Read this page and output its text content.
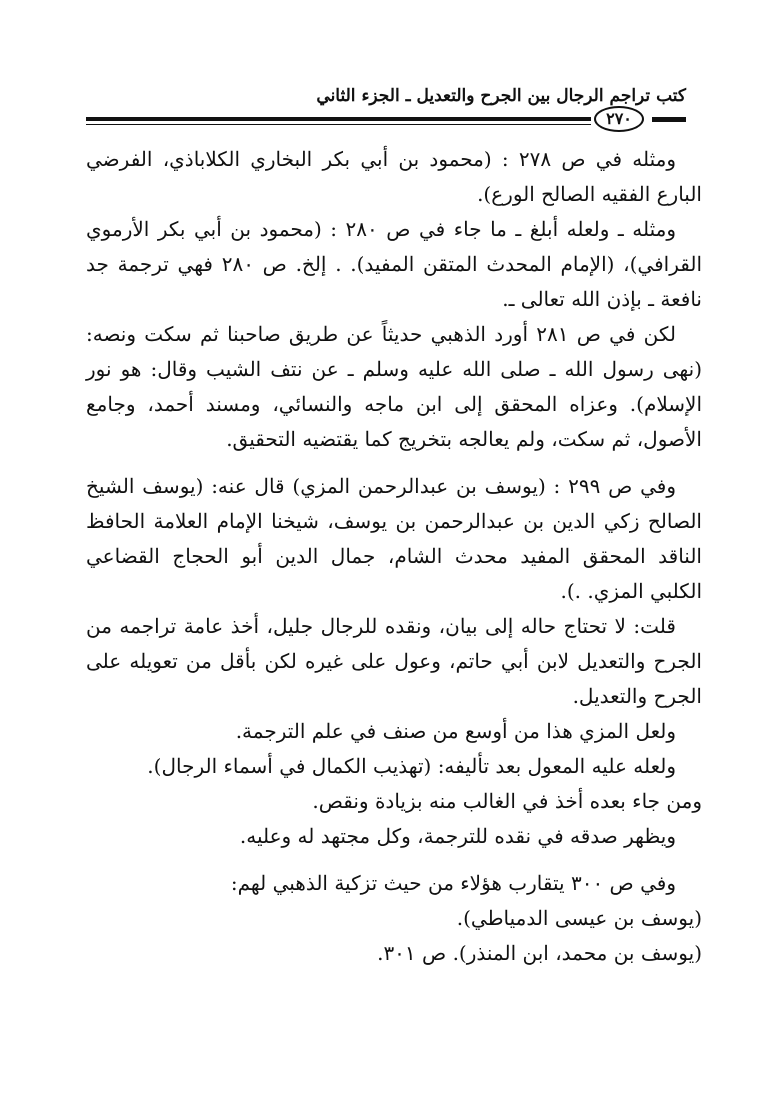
كتب تراجم الرجال بين الجرح والتعديل ـ الجزء الثاني
٢٧٠

ومثله في ص ٢٧٨ : (محمود بن أبي بكر البخاري الكلاباذي، الفرضي البارع الفقيه الصالح الورع).

ومثله ـ ولعله أبلغ ـ ما جاء في ص ٢٨٠ : (محمود بن أبي بكر الأرموي القرافي)، (الإمام المحدث المتقن المفيد). . إلخ. ص ٢٨٠ فهي ترجمة جد نافعة ـ بإذن الله تعالى ـ.

لكن في ص ٢٨١ أورد الذهبي حديثاً عن طريق صاحبنا ثم سكت ونصه: (نهى رسول الله ـ صلى الله عليه وسلم ـ عن نتف الشيب وقال: هو نور الإسلام). وعزاه المحقق إلى ابن ماجه والنسائي، ومسند أحمد، وجامع الأصول، ثم سكت، ولم يعالجه بتخريج كما يقتضيه التحقيق.

وفي ص ٢٩٩ : (يوسف بن عبدالرحمن المزي) قال عنه: (يوسف الشيخ الصالح زكي الدين بن عبدالرحمن بن يوسف، شيخنا الإمام العلامة الحافظ الناقد المحقق المفيد محدث الشام، جمال الدين أبو الحجاج القضاعي الكلبي المزي. .).

قلت: لا تحتاج حاله إلى بيان، ونقده للرجال جليل، أخذ عامة تراجمه من الجرح والتعديل لابن أبي حاتم، وعول على غيره لكن بأقل من تعويله على الجرح والتعديل.

ولعل المزي هذا من أوسع من صنف في علم الترجمة.

ولعله عليه المعول بعد تأليفه: (تهذيب الكمال في أسماء الرجال).

ومن جاء بعده أخذ في الغالب منه بزيادة ونقص.

ويظهر صدقه في نقده للترجمة، وكل مجتهد له وعليه.

وفي ص ٣٠٠ يتقارب هؤلاء من حيث تزكية الذهبي لهم:

(يوسف بن عيسى الدمياطي).

(يوسف بن محمد، ابن المنذر). ص ٣٠١.
